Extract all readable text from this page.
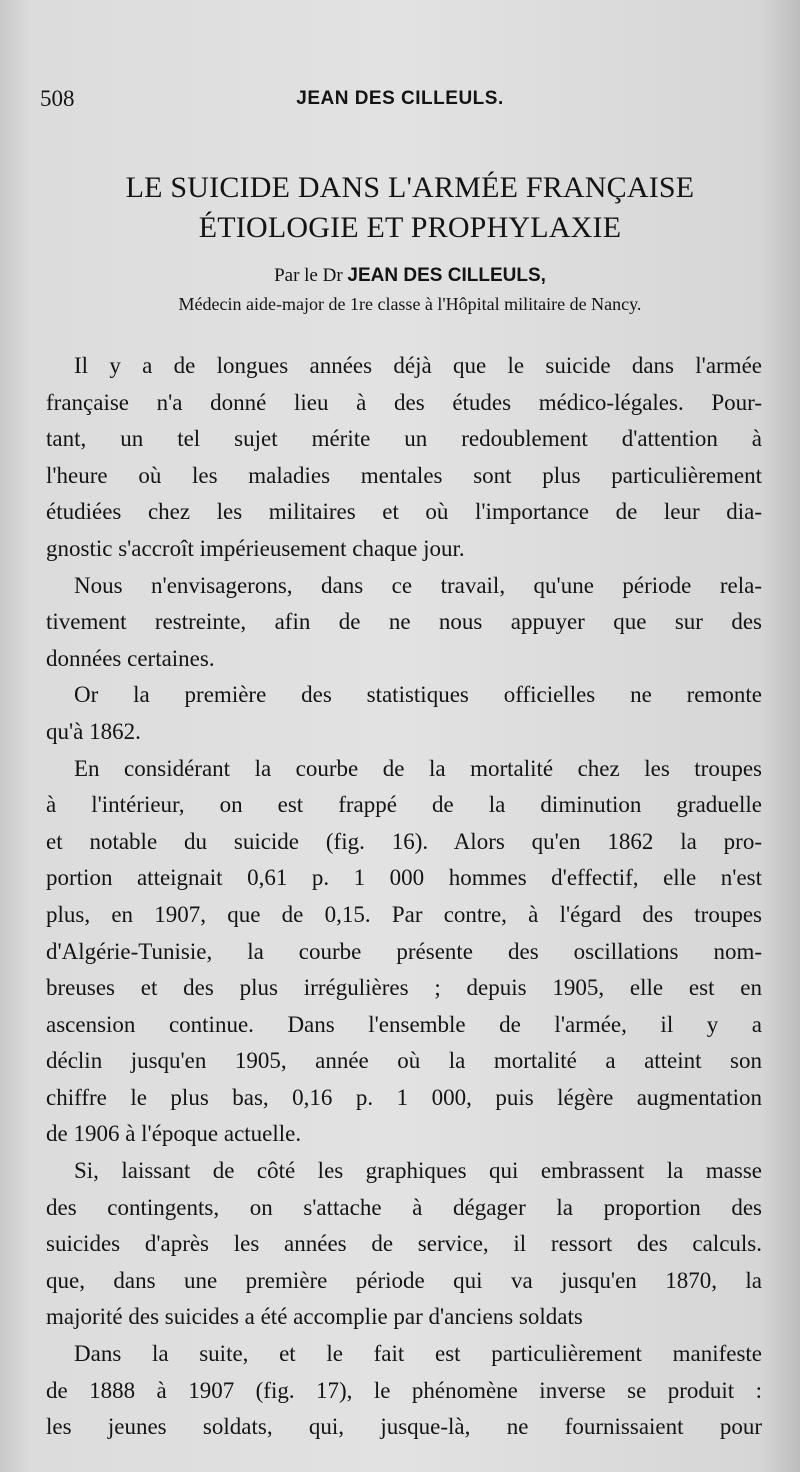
508	JEAN DES CILLEULS.
LE SUICIDE DANS L'ARMÉE FRANÇAISE
ÉTIOLOGIE ET PROPHYLAXIE
Par le Dr JEAN DES CILLEULS,
Médecin aide-major de 1re classe à l'Hôpital militaire de Nancy.

Il y a de longues années déjà que le suicide dans l'armée
française n'a donné lieu à des études médico-légales. Pour-
tant, un tel sujet mérite un redoublement d'attention à
l'heure où les maladies mentales sont plus particulièrement
étudiées chez les militaires et où l'importance de leur dia-
gnostic s'accroît impérieusement chaque jour.

Nous n'envisagerons, dans ce travail, qu'une période rela-
tivement restreinte, afin de ne nous appuyer que sur des
données certaines.

Or la première des statistiques officielles ne remonte
qu'à 1862.

En considérant la courbe de la mortalité chez les troupes
à l'intérieur, on est frappé de la diminution graduelle
et notable du suicide (fig. 16). Alors qu'en 1862 la pro-
portion atteignait 0,61 p. 1 000 hommes d'effectif, elle n'est
plus, en 1907, que de 0,15. Par contre, à l'égard des troupes
d'Algérie-Tunisie, la courbe présente des oscillations nom-
breuses et des plus irrégulières ; depuis 1905, elle est en
ascension continue. Dans l'ensemble de l'armée, il y a
déclin jusqu'en 1905, année où la mortalité a atteint son
chiffre le plus bas, 0,16 p. 1 000, puis légère augmentation
de 1906 à l'époque actuelle.

Si, laissant de côté les graphiques qui embrassent la masse
des contingents, on s'attache à dégager la proportion des
suicides d'après les années de service, il ressort des calculs.
que, dans une première période qui va jusqu'en 1870, la
majorité des suicides a été accomplie par d'anciens soldats

Dans la suite, et le fait est particulièrement manifeste
de 1888 à 1907 (fig. 17), le phénomène inverse se produit :
les jeunes soldats, qui, jusque-là, ne fournissaient pour
